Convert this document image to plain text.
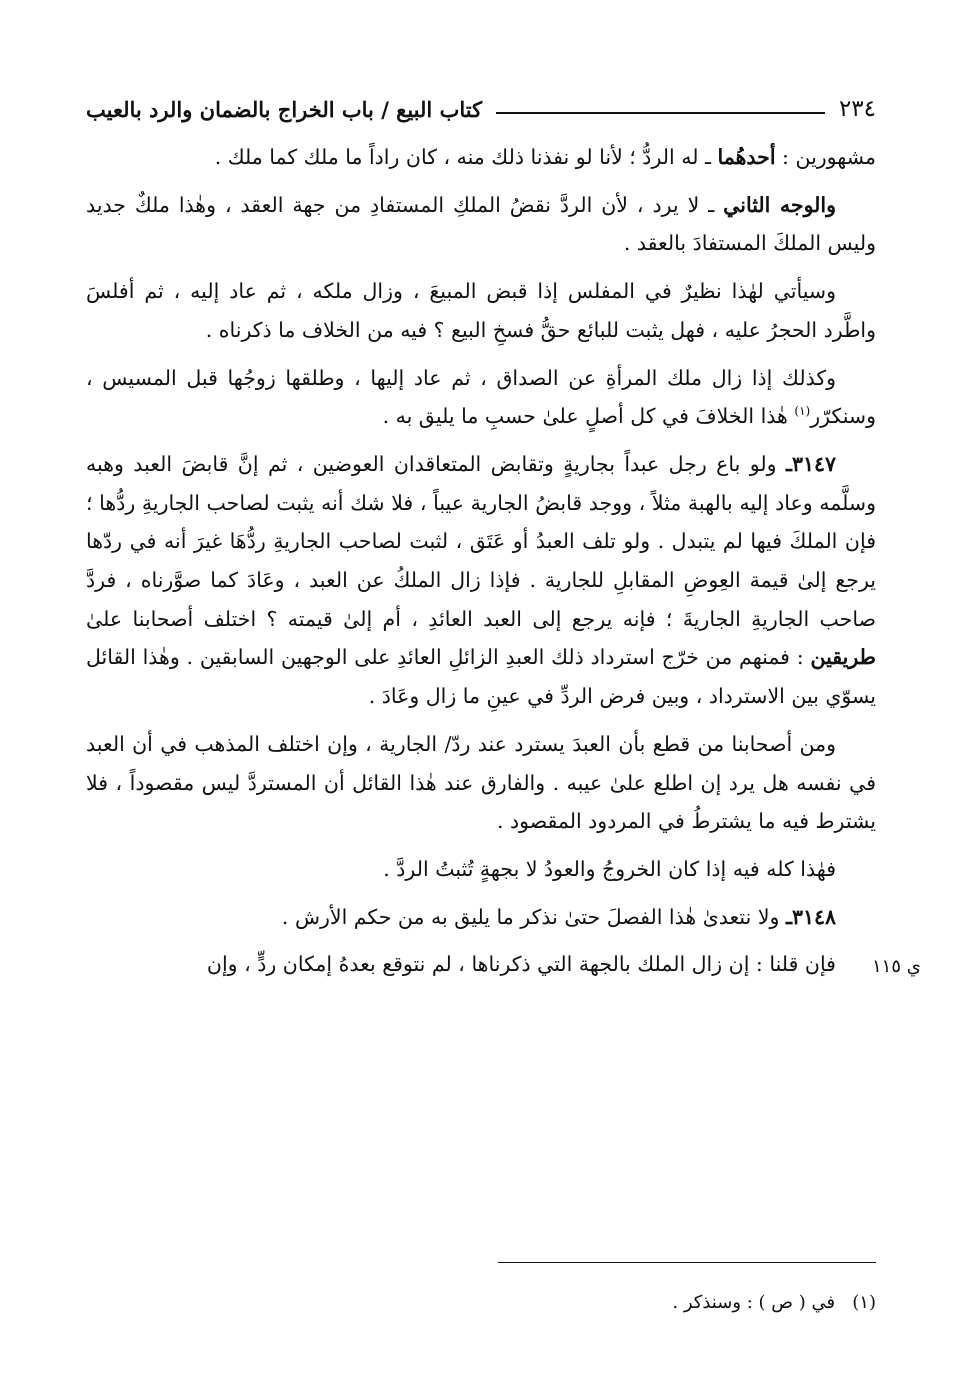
٢٣٤
كتاب البيع / باب الخراج بالضمان والرد بالعيب

مشهورين : أحدهُما ـ له الردُّ ؛ لأنا لو نفذنا ذلك منه ، كان راداً ما ملك كما ملك .

والوجه الثاني ـ لا يرد ، لأن الردَّ نقضُ الملكِ المستفادِ من جهة العقد ، وهٰذا ملكٌ جديد وليس الملكَ المستفادَ بالعقد .

وسيأتي لهٰذا نظيرٌ في المفلس إذا قبض المبيعَ ، وزال ملكه ، ثم عاد إليه ، ثم أفلسَ واطَّرد الحجرُ عليه ، فهل يثبت للبائع حقُّ فسخِ البيع ؟ فيه من الخلاف ما ذكرناه .

وكذلك إذا زال ملك المرأةِ عن الصداق ، ثم عاد إليها ، وطلقها زوجُها قبل المسيس ، وسنكرّر$^{(١)}$ هٰذا الخلافَ في كل أصلٍ علىٰ حسبِ ما يليق به .

٣١٤٧ـ ولو باع رجل عبداً بجاريةٍ وتقابض المتعاقدان العوضين ، ثم إنَّ قابضَ العبد وهبه وسلَّمه وعاد إليه بالهبة مثلاً ، ووجد قابضُ الجارية عيباً ، فلا شك أنه يثبت لصاحب الجاريةِ ردُّها ؛ فإن الملكَ فيها لم يتبدل . ولو تلف العبدُ أو عَتَق ، لثبت لصاحب الجاريةِ ردُّهَا غيرَ أنه في ردّها يرجع إلىٰ قيمة العِوضِ المقابلِ للجارية . فإذا زال الملكُ عن العبد ، وعَادَ كما صوَّرناه ، فردَّ صاحب الجاريةِ الجاريةَ ؛ فإنه يرجع إلى العبد العائدِ ، أم إلىٰ قيمته ؟ اختلف أصحابنا علىٰ طريقين : فمنهم من خرّج استرداد ذلك العبدِ الزائلِ العائدِ على الوجهين السابقين . وهٰذا القائل يسوّي بين الاسترداد ، وبين فرض الردِّ في عينِ ما زال وعَادَ .

ومن أصحابنا من قطع بأن العبدَ يسترد عند ردّ/ الجارية ، وإن اختلف المذهب في أن العبد في نفسه هل يرد إن اطلع علىٰ عيبه . والفارق عند هٰذا القائل أن المستردَّ ليس مقصوداً ، فلا يشترط فيه ما يشترطُ في المردود المقصود .

فهٰذا كله فيه إذا كان الخروجُ والعودُ لا بجهةٍ تُثبتُ الردَّ .

٣١٤٨ـ ولا نتعدىٰ هٰذا الفصلَ حتىٰ نذكر ما يليق به من حكم الأرش .

فإن قلنا : إن زال الملك بالجهة التي ذكرناها ، لم نتوقع بعدهُ إمكان ردٍّ ، وإن	ي ١١٥
(١)   في ( ص ) : وسنذكر .
